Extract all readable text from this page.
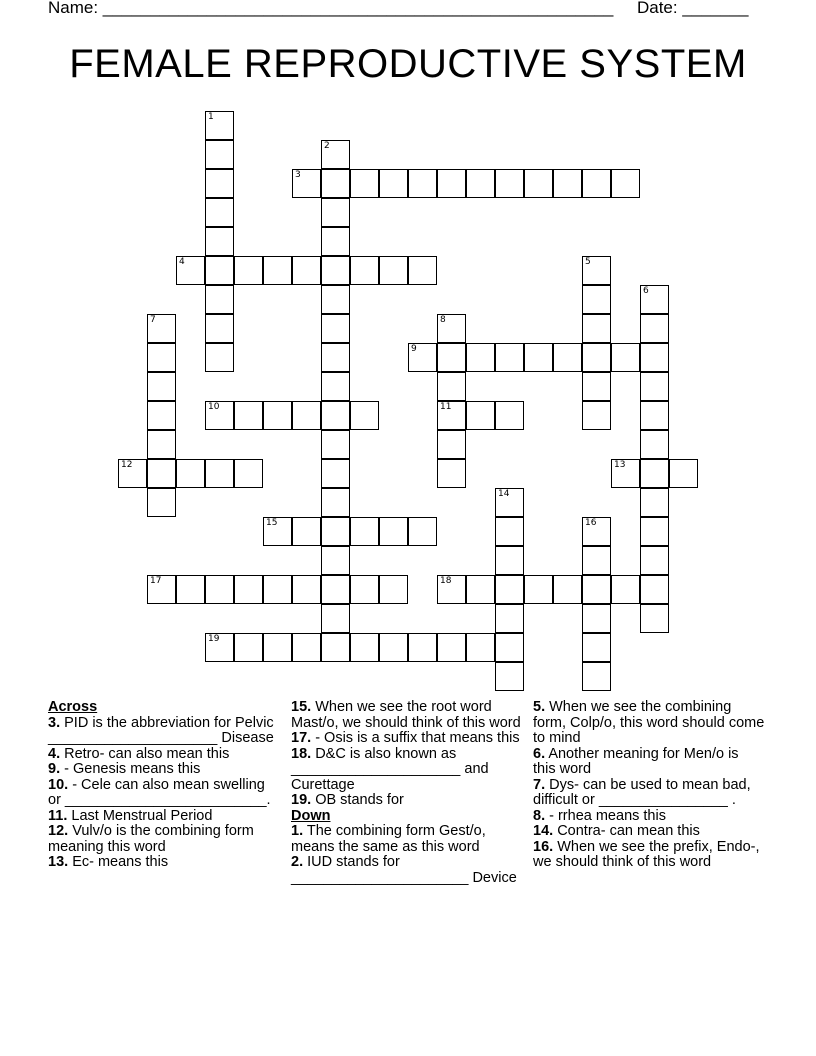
Name: ______________________________________________________ Date: _______
FEMALE REPRODUCTIVE SYSTEM
1
2
3
4	5
6
7	8
11
9
10
12	13
14
15	16
17	18
19
Across
3. PID is the abbreviation for Pelvic _____________________ Disease
4. Retro- can also mean this
9. - Genesis means this
10. - Cele can also mean swelling or _________________________.
11. Last Menstrual Period
12. Vulv/o is the combining form meaning this word
13. Ec- means this
15. When we see the root word Mast/o, we should think of this word
17. - Osis is a suffix that means this
18. D&C is also known as _____________________ and Curettage
19. OB stands for
Down
1. The combining form Gest/o, means the same as this word
2. IUD stands for ______________________ Device
5. When we see the combining form, Colp/o, this word should come to mind
6. Another meaning for Men/o is this word
7. Dys- can be used to mean bad, difficult or ________________ .
8. - rrhea means this
14. Contra- can mean this
16. When we see the prefix, Endo-, we should think of this word
